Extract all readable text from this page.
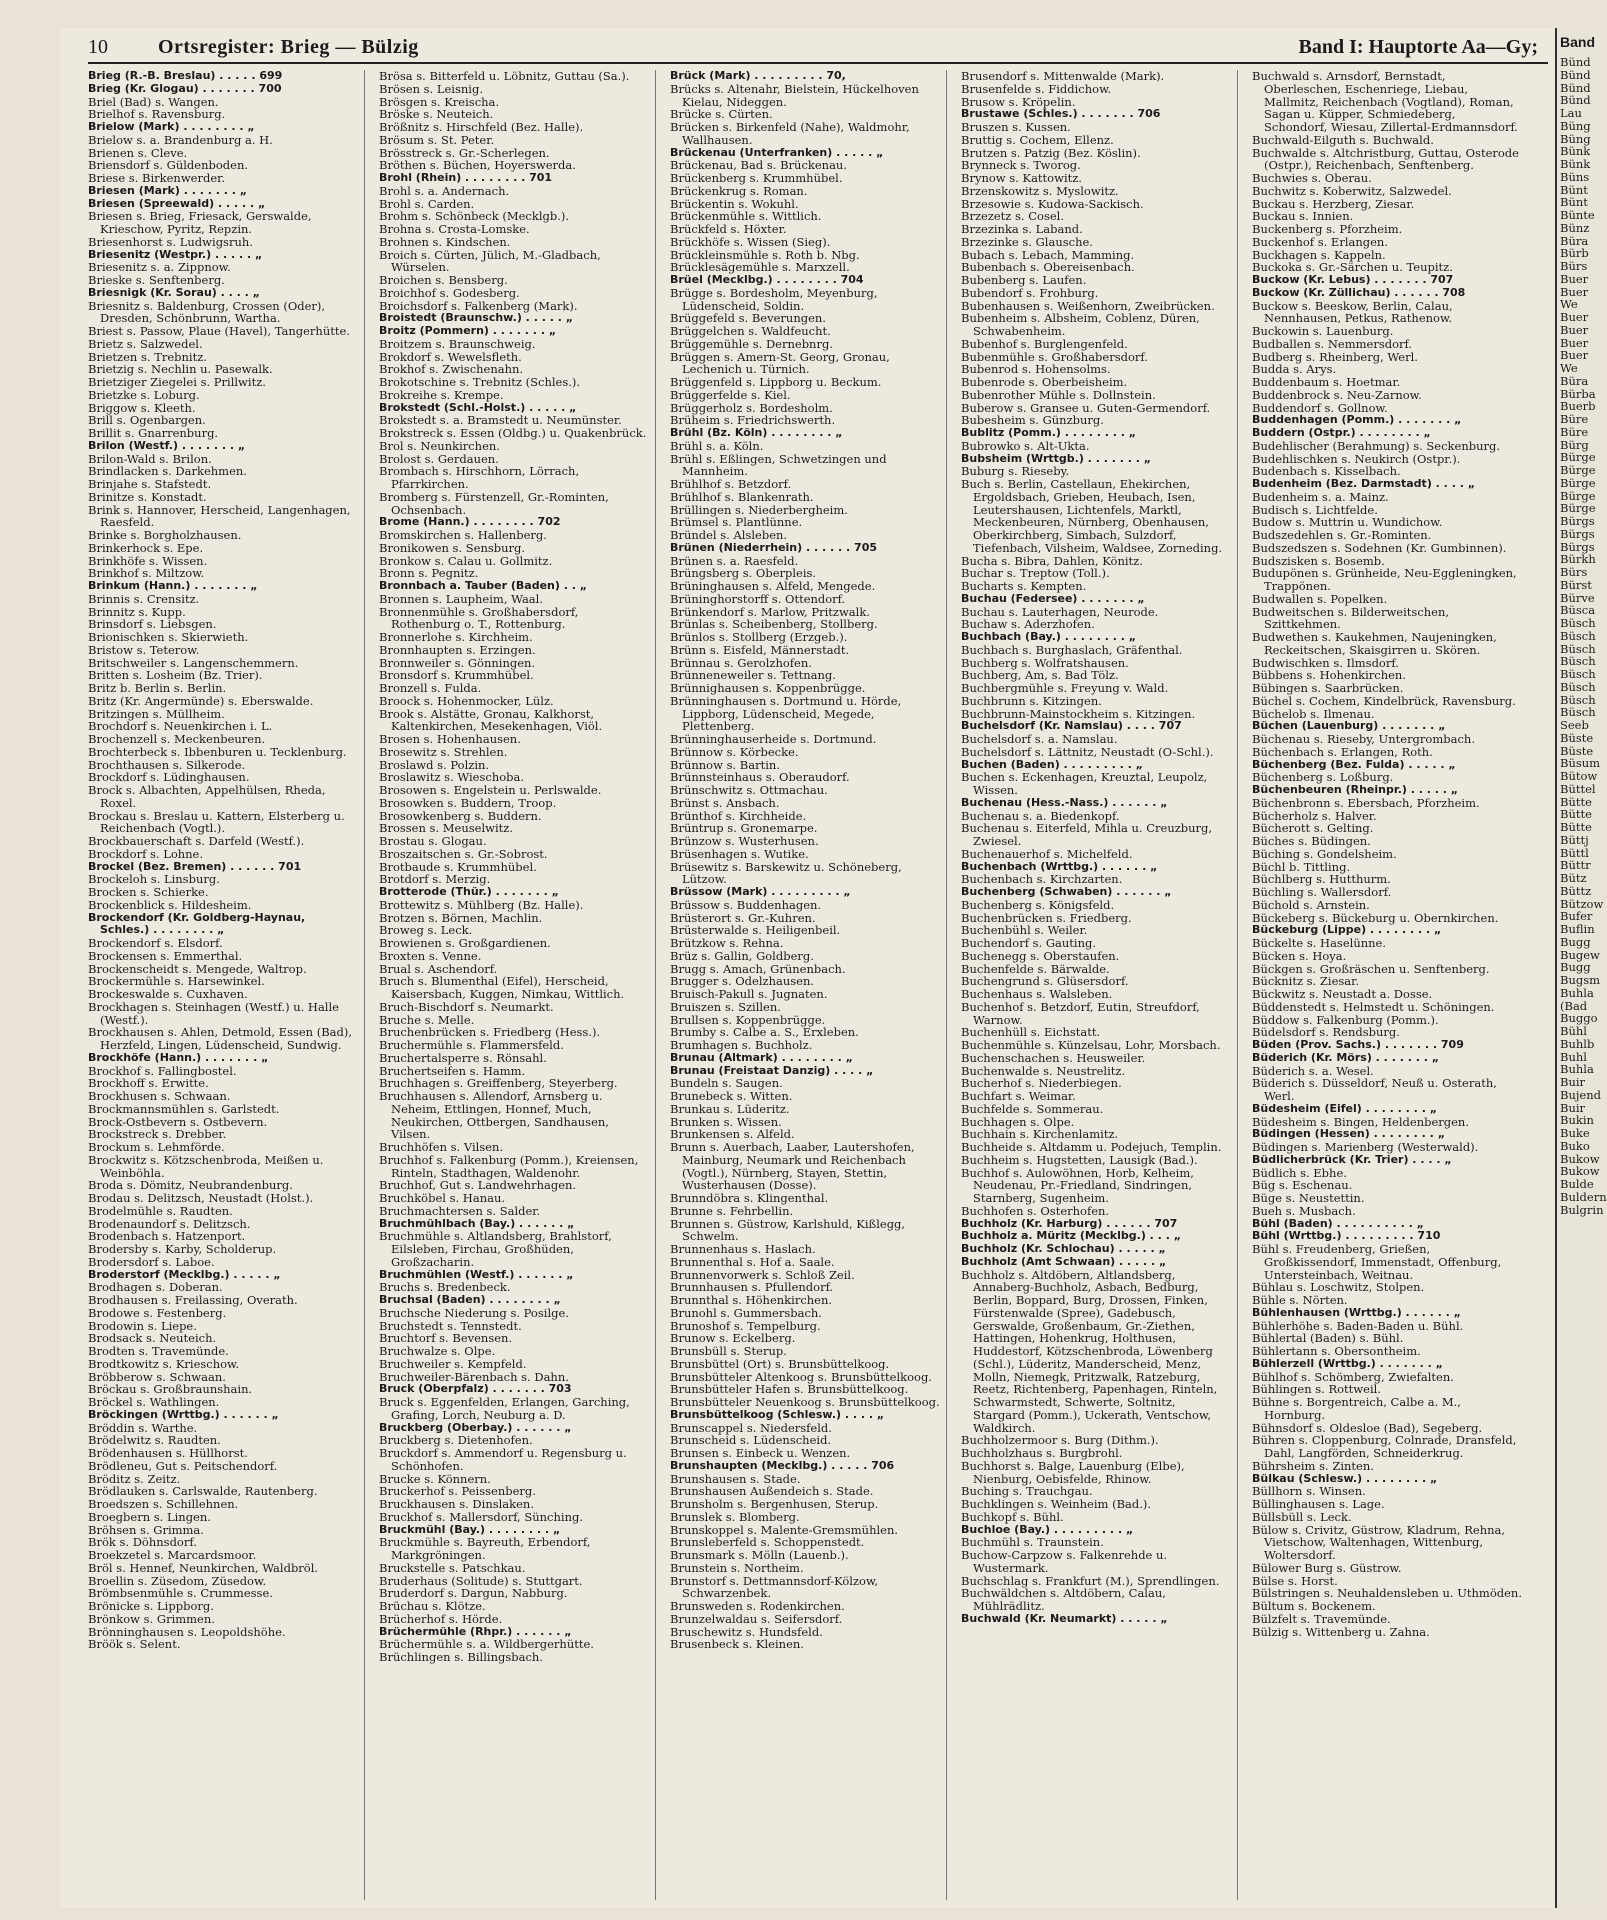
10	Ortsregister: Brieg — Bülzig	Band I: Hauptorte Aa—Gy;
Brieg (R.-B. Breslau) . . . . . 699
Brieg (Kr. Glogau) . . . . . . . 700
Briel (Bad) s. Wangen.
Brielhof s. Ravensburg.
Brielow (Mark) . . . . . . . . „
Brielow s. a. Brandenburg a. H.
Brienen s. Cleve.
Briensdorf s. Güldenboden.
Briese s. Birkenwerder.
Briesen (Mark) . . . . . . . „
Briesen (Spreewald) . . . . . „
Briesen s. Brieg, Friesack, Gerswalde, Krieschow, Pyritz, Repzin.
Briesenhorst s. Ludwigsruh.
Briesenitz (Westpr.) . . . . . „
Briesenitz s. a. Zippnow.
Brieske s. Senftenberg.
Briesnigk (Kr. Sorau) . . . . „
Briesnitz s. Baldenburg, Crossen (Oder), Dresden, Schönbrunn, Wartha.
Briest s. Passow, Plaue (Havel), Tangerhütte.
Brietz s. Salzwedel.
Brietzen s. Trebnitz.
Brietzig s. Nechlin u. Pasewalk.
Brietziger Ziegelei s. Prillwitz.
Brietzke s. Loburg.
Briggow s. Kleeth.
Brill s. Ogenbargen.
Brillit s. Gnarrenburg.
Brilon (Westf.) . . . . . . . „
Brilon-Wald s. Brilon.
Brindlacken s. Darkehmen.
Brinjahe s. Stafstedt.
Brinitze s. Konstadt.
Brink s. Hannover, Herscheid, Langenhagen, Raesfeld.
Brinke s. Borgholzhausen.
Brinkerhock s. Epe.
Brinkhöfe s. Wissen.
Brinkhof s. Miltzow.
Brinkum (Hann.) . . . . . . . „
Brinnis s. Crensitz.
Brinnitz s. Kupp.
Brinsdorf s. Liebsgen.
Brionischken s. Skierwieth.
Bristow s. Teterow.
Britschweiler s. Langenschemmern.
Britten s. Losheim (Bz. Trier).
Britz b. Berlin s. Berlin.
Britz (Kr. Angermünde) s. Eberswalde.
Britzingen s. Müllheim.
Brochdorf s. Neuenkirchen i. L.
Brochenzell s. Meckenbeuren.
Brochterbeck s. Ibbenburen u. Tecklenburg.
Brochthausen s. Silkerode.
Brockdorf s. Lüdinghausen.
Brock s. Albachten, Appelhülsen, Rheda, Roxel.
Brockau s. Breslau u. Kattern, Elsterberg u. Reichenbach (Vogtl.).
Brockbauerschaft s. Darfeld (Westf.).
Brockdorf s. Lohne.
Brockel (Bez. Bremen) . . . . . . 701
Brockeloh s. Linsburg.
Brocken s. Schierke.
Brockenblick s. Hildesheim.
Brockendorf (Kr. Goldberg-Haynau, Schles.) . . . . . . . . „
Brockendorf s. Elsdorf.
Brockensen s. Emmerthal.
Brockenscheidt s. Mengede, Waltrop.
Brockermühle s. Harsewinkel.
Brockeswalde s. Cuxhaven.
Brockhagen s. Steinhagen (Westf.) u. Halle (Westf.).
Brockhausen s. Ahlen, Detmold, Essen (Bad), Herzfeld, Lingen, Lüdenscheid, Sundwig.
Brockhöfe (Hann.) . . . . . . . „
Brockhof s. Fallingbostel.
Brockhoff s. Erwitte.
Brockhusen s. Schwaan.
Brockmannsmühlen s. Garlstedt.
Brock-Ostbevern s. Ostbevern.
Brockstreck s. Drebber.
Brockum s. Lehmförde.
Brockwitz s. Kötzschenbroda, Meißen u. Weinböhla.
Broda s. Dömitz, Neubrandenburg.
Brodau s. Delitzsch, Neustadt (Holst.).
Brodelmühle s. Raudten.
Brodenaundorf s. Delitzsch.
Brodenbach s. Hatzenport.
Brodersby s. Karby, Scholderup.
Brodersdorf s. Laboe.
Broderstorf (Mecklbg.) . . . . . „
Brodhagen s. Doberan.
Brodhausen s. Freilassing, Overath.
Brodowe s. Festenberg.
Brodowin s. Liepe.
Brodsack s. Neuteich.
Brodten s. Travemünde.
Brodtkowitz s. Krieschow.
Bröbberow s. Schwaan.
Bröckau s. Großbraunshain.
Bröckel s. Wathlingen.
Bröckingen (Wrttbg.) . . . . . . „
Bröddin s. Warthe.
Brödelwitz s. Raudten.
Brödenhausen s. Hüllhorst.
Brödleneu, Gut s. Peitschendorf.
Bröditz s. Zeitz.
Brödlauken s. Carlswalde, Rautenberg.
Broedszen s. Schillehnen.
Broegbern s. Lingen.
Bröhsen s. Grimma.
Brök s. Döhnsdorf.
Broekzetel s. Marcardsmoor.
Bröl s. Hennef, Neunkirchen, Waldbröl.
Broellin s. Züsedom, Züsedow.
Brömbsenmühle s. Crummesse.
Brönicke s. Lippborg.
Brönkow s. Grimmen.
Brönninghausen s. Leopoldshöhe.
Bröök s. Selent.
Brösa s. Bitterfeld u. Löbnitz, Guttau (Sa.).
Brösen s. Leisnig.
Brösgen s. Kreischa.
Bröske s. Neuteich.
Brößnitz s. Hirschfeld (Bez. Halle).
Brösum s. St. Peter.
Brösstreck s. Gr.-Scherlegen.
Bröthen s. Büchen, Hoyerswerda.
Brohl (Rhein) . . . . . . . . 701
Brohl s. a. Andernach.
Brohl s. Carden.
Brohm s. Schönbeck (Mecklgb.).
Brohna s. Crosta-Lomske.
Brohnen s. Kindschen.
Broich s. Cürten, Jülich, M.-Gladbach, Würselen.
Broichen s. Bensberg.
Broichhof s. Godesberg.
Broichsdorf s. Falkenberg (Mark).
Broistedt (Braunschw.) . . . . . „
Broitz (Pommern) . . . . . . . „
Broitzem s. Braunschweig.
Brokdorf s. Wewelsfleth.
Brokhof s. Zwischenahn.
Brokotschine s. Trebnitz (Schles.).
Brokreihe s. Krempe.
Brokstedt (Schl.-Holst.) . . . . . „
Brokstedt s. a. Bramstedt u. Neumünster.
Brokstreck s. Essen (Oldbg.) u. Quakenbrück.
Brol s. Neunkirchen.
Brolost s. Gerdauen.
Brombach s. Hirschhorn, Lörrach, Pfarrkirchen.
Bromberg s. Fürstenzell, Gr.-Rominten, Ochsenbach.
Brome (Hann.) . . . . . . . . 702
Bromskirchen s. Hallenberg.
Bronikowen s. Sensburg.
Bronkow s. Calau u. Gollmitz.
Bronn s. Pegnitz.
Bronnbach a. Tauber (Baden) . . „
Bronnen s. Laupheim, Waal.
Bronnenmühle s. Großhabersdorf, Rothenburg o. T., Rottenburg.
Bronnerlohe s. Kirchheim.
Bronnhaupten s. Erzingen.
Bronnweiler s. Gönningen.
Bronsdorf s. Krummhübel.
Bronzell s. Fulda.
Broock s. Hohenmocker, Lülz.
Brook s. Alstätte, Gronau, Kalkhorst, Kaltenkirchen, Mesekenhagen, Viöl.
Brosen s. Hohenhausen.
Brosewitz s. Strehlen.
Broslawd s. Polzin.
Broslawitz s. Wieschoba.
Brosowen s. Engelstein u. Perlswalde.
Brosowken s. Buddern, Troop.
Brosowkenberg s. Buddern.
Brossen s. Meuselwitz.
Brostau s. Glogau.
Broszaitschen s. Gr.-Sobrost.
Brotbaude s. Krummhübel.
Brotdorf s. Merzig.
Brotterode (Thür.) . . . . . . . „
Brottewitz s. Mühlberg (Bz. Halle).
Brotzen s. Börnen, Machlin.
Broweg s. Leck.
Browienen s. Großgardienen.
Broxten s. Venne.
Brual s. Aschendorf.
Bruch s. Blumenthal (Eifel), Herscheid, Kaisersbach, Kuggen, Nimkau, Wittlich.
Bruch-Bischdorf s. Neumarkt.
Bruche s. Melle.
Bruchenbrücken s. Friedberg (Hess.).
Bruchermühle s. Flammersfeld.
Bruchertalsperre s. Rönsahl.
Bruchertseifen s. Hamm.
Bruchhagen s. Greiffenberg, Steyerberg.
Bruchhausen s. Allendorf, Arnsberg u. Neheim, Ettlingen, Honnef, Much, Neukirchen, Ottbergen, Sandhausen, Vilsen.
Bruchhöfen s. Vilsen.
Bruchhof s. Falkenburg (Pomm.), Kreiensen, Rinteln, Stadthagen, Waldenohr.
Bruchhof, Gut s. Landwehrhagen.
Bruchköbel s. Hanau.
Bruchmachtersen s. Salder.
Bruchmühlbach (Bay.) . . . . . . „
Bruchmühle s. Altlandsberg, Brahlstorf, Eilsleben, Firchau, Großhüden, Großzacharin.
Bruchmühlen (Westf.) . . . . . . „
Bruchs s. Bredenbeck.
Bruchsal (Baden) . . . . . . . . „
Bruchsche Niederung s. Posilge.
Bruchstedt s. Tennstedt.
Bruchtorf s. Bevensen.
Bruchwalze s. Olpe.
Bruchweiler s. Kempfeld.
Bruchweiler-Bärenbach s. Dahn.
Bruck (Oberpfalz) . . . . . . . 703
Bruck s. Eggenfelden, Erlangen, Garching, Grafing, Lorch, Neuburg a. D.
Bruckberg (Oberbay.) . . . . . . „
Bruckberg s. Dietenhofen.
Bruckdorf s. Ammendorf u. Regensburg u. Schönhofen.
Brucke s. Könnern.
Bruckerhof s. Peissenberg.
Bruckhausen s. Dinslaken.
Bruckhof s. Mallersdorf, Sünching.
Bruckmühl (Bay.) . . . . . . . . „
Bruckmühle s. Bayreuth, Erbendorf, Markgröningen.
Bruckstelle s. Patschkau.
Bruderhaus (Solitude) s. Stuttgart.
Bruderdorf s. Dargun, Nabburg.
Brüchau s. Klötze.
Brücherhof s. Hörde.
Brüchermühle (Rhpr.) . . . . . . „
Brüchermühle s. a. Wildbergerhütte.
Brüchlingen s. Billingsbach.
Brück (Mark) . . . . . . . . . 70,
Brücks s. Altenahr, Bielstein, Hückelhoven Kielau, Nideggen.
Brücke s. Cürten.
Brücken s. Birkenfeld (Nahe), Waldmohr, Wallhausen.
Brückenau (Unterfranken) . . . . . „
Brückenau, Bad s. Brückenau.
Brückenberg s. Krummhübel.
Brückenkrug s. Roman.
Brückentin s. Wokuhl.
Brückenmühle s. Wittlich.
Brückfeld s. Höxter.
Brückhöfe s. Wissen (Sieg).
Brückleinsmühle s. Roth b. Nbg.
Brücklesägemühle s. Marxzell.
Brüel (Mecklbg.) . . . . . . . . 704
Brügge s. Bordesholm, Meyenburg, Lüdenscheid, Soldin.
Brüggefeld s. Beverungen.
Brüggelchen s. Waldfeucht.
Brüggemühle s. Dernebnrg.
Brüggen s. Amern-St. Georg, Gronau, Lechenich u. Türnich.
Brüggenfeld s. Lippborg u. Beckum.
Brüggerfelde s. Kiel.
Brüggerholz s. Bordesholm.
Brüheim s. Friedrichswerth.
Brühl (Bz. Köln) . . . . . . . . „
Brühl s. a. Köln.
Brühl s. Eßlingen, Schwetzingen und Mannheim.
Brühlhof s. Betzdorf.
Brühlhof s. Blankenrath.
Brüllingen s. Niederbergheim.
Brümsel s. Plantlünne.
Bründel s. Alsleben.
Brünen (Niederrhein) . . . . . . 705
Brünen s. a. Raesfeld.
Brüngsberg s. Oberpleis.
Brüninghausen s. Alfeld, Mengede.
Brüninghorstorff s. Ottendorf.
Brünkendorf s. Marlow, Pritzwalk.
Brünlas s. Scheibenberg, Stollberg.
Brünlos s. Stollberg (Erzgeb.).
Brünn s. Eisfeld, Männerstadt.
Brünnau s. Gerolzhofen.
Brünneneweiler s. Tettnang.
Brünnighausen s. Koppenbrügge.
Brünninghausen s. Dortmund u. Hörde, Lippborg, Lüdenscheid, Megede, Plettenberg.
Brünninghauserheide s. Dortmund.
Brünnow s. Körbecke.
Brünnow s. Bartin.
Brünnsteinhaus s. Oberaudorf.
Brünschwitz s. Ottmachau.
Brünst s. Ansbach.
Brünthof s. Kirchheide.
Brüntrup s. Gronemarpe.
Brünzow s. Wusterhusen.
Brüsenhagen s. Wutike.
Brüsewitz s. Barskewitz u. Schöneberg, Lützow.
Brüssow (Mark) . . . . . . . . . „
Brüssow s. Buddenhagen.
Brüsterort s. Gr.-Kuhren.
Brüsterwalde s. Heiligenbeil.
Brützkow s. Rehna.
Brüz s. Gallin, Goldberg.
Brugg s. Amach, Grünenbach.
Brugger s. Odelzhausen.
Bruisch-Pakull s. Jugnaten.
Bruiszen s. Szillen.
Brullsen s. Koppenbrügge.
Brumby s. Calbe a. S., Erxleben.
Brumhagen s. Buchholz.
Brunau (Altmark) . . . . . . . . „
Brunau (Freistaat Danzig) . . . . „
Bundeln s. Saugen.
Brunebeck s. Witten.
Brunkau s. Lüderitz.
Brunken s. Wissen.
Brunkensen s. Alfeld.
Brunn s. Auerbach, Laaber, Lautershofen, Mainburg, Neumark und Reichenbach (Vogtl.), Nürnberg, Stayen, Stettin, Wusterhausen (Dosse).
Brunndöbra s. Klingenthal.
Brunne s. Fehrbellin.
Brunnen s. Güstrow, Karlshuld, Kißlegg, Schwelm.
Brunnenhaus s. Haslach.
Brunnenthal s. Hof a. Saale.
Brunnenvorwerk s. Schloß Zeil.
Brunnhausen s. Pfullendorf.
Brunnthal s. Höhenkirchen.
Brunohl s. Gummersbach.
Brunoshof s. Tempelburg.
Brunow s. Eckelberg.
Brunsbüll s. Sterup.
Brunsbüttel (Ort) s. Brunsbüttelkoog.
Brunsbütteler Altenkoog s. Brunsbüttelkoog.
Brunsbütteler Hafen s. Brunsbüttelkoog.
Brunsbütteler Neuenkoog s. Brunsbüttelkoog.
Brunsbüttelkoog (Schlesw.) . . . . „
Brunscappel s. Niedersfeld.
Brunscheid s. Lüdenscheid.
Brunsen s. Einbeck u. Wenzen.
Brunshaupten (Mecklbg.) . . . . . 706
Brunshausen s. Stade.
Brunshausen Außendeich s. Stade.
Brunsholm s. Bergenhusen, Sterup.
Brunslek s. Blomberg.
Brunskoppel s. Malente-Gremsmühlen.
Brunsleberfeld s. Schoppenstedt.
Brunsmark s. Mölln (Lauenb.).
Brunstein s. Northeim.
Brunstorf s. Dettmannsdorf-Kölzow, Schwarzenbek.
Brunsweden s. Rodenkirchen.
Brunzelwaldau s. Seifersdorf.
Bruschewitz s. Hundsfeld.
Brusenbeck s. Kleinen.
Brusendorf s. Mittenwalde (Mark).
Brusenfelde s. Fiddichow.
Brusow s. Kröpelin.
Brustawe (Schles.) . . . . . . . 706
Bruszen s. Kussen.
Bruttig s. Cochem, Ellenz.
Brutzen s. Patzig (Bez. Köslin).
Brynneck s. Tworog.
Brynow s. Kattowitz.
Brzenskowitz s. Myslowitz.
Brzesowie s. Kudowa-Sackisch.
Brzezetz s. Cosel.
Brzezinka s. Laband.
Brzezinke s. Glausche.
Bubach s. Lebach, Mamming.
Bubenbach s. Obereisenbach.
Bubenberg s. Laufen.
Bubendorf s. Frohburg.
Bubenhausen s. Weißenhorn, Zweibrücken.
Bubenheim s. Albsheim, Coblenz, Düren, Schwabenheim.
Bubenhof s. Burglengenfeld.
Bubenmühle s. Großhabersdorf.
Bubenrod s. Hohensolms.
Bubenrode s. Oberbeisheim.
Bubenrother Mühle s. Dollnstein.
Buberow s. Gransee u. Guten-Germendorf.
Bubesheim s. Günzburg.
Bublitz (Pomm.) . . . . . . . . „
Bubrowko s. Alt-Ukta.
Bubsheim (Wrttgb.) . . . . . . . „
Buburg s. Rieseby.
Buch s. Berlin, Castellaun, Ehekirchen, Ergoldsbach, Grieben, Heubach, Isen, Leutershausen, Lichtenfels, Marktl, Meckenbeuren, Nürnberg, Obenhausen, Oberkirchberg, Simbach, Sulzdorf, Tiefenbach, Vilsheim, Waldsee, Zorneding.
Bucha s. Bibra, Dahlen, Könitz.
Buchar s. Treptow (Toll.).
Bucharts s. Kempten.
Buchau (Federsee) . . . . . . . „
Buchau s. Lauterhagen, Neurode.
Buchaw s. Aderzhofen.
Buchbach (Bay.) . . . . . . . . „
Buchbach s. Burghaslach, Gräfenthal.
Buchberg s. Wolfratshausen.
Buchberg, Am, s. Bad Tölz.
Buchbergmühle s. Freyung v. Wald.
Buchbrunn s. Kitzingen.
Buchbrunn-Mainstockheim s. Kitzingen.
Buchelsdorf (Kr. Namslau) . . . . 707
Buchelsdorf s. a. Namslau.
Buchelsdorf s. Lättnitz, Neustadt (O-Schl.).
Buchen (Baden) . . . . . . . . . „
Buchen s. Eckenhagen, Kreuztal, Leupolz, Wissen.
Buchenau (Hess.-Nass.) . . . . . . „
Buchenau s. a. Biedenkopf.
Buchenau s. Eiterfeld, Mihla u. Creuzburg, Zwiesel.
Buchenauerhof s. Michelfeld.
Buchenbach (Wrttbg.) . . . . . . „
Buchenbach s. Kirchzarten.
Buchenberg (Schwaben) . . . . . . „
Buchenberg s. Königsfeld.
Buchenbrücken s. Friedberg.
Buchenbühl s. Weiler.
Buchendorf s. Gauting.
Buchenegg s. Oberstaufen.
Buchenfelde s. Bärwalde.
Buchengrund s. Glüsersdorf.
Buchenhaus s. Walsleben.
Buchenhof s. Betzdorf, Eutin, Streufdorf, Warnow.
Buchenhüll s. Eichstatt.
Buchenmühle s. Künzelsau, Lohr, Morsbach.
Buchenschachen s. Heusweiler.
Buchenwalde s. Neustrelitz.
Bucherhof s. Niederbiegen.
Buchfart s. Weimar.
Buchfelde s. Sommerau.
Buchhagen s. Olpe.
Buchhain s. Kirchenlamitz.
Buchheide s. Altdamm u. Podejuch, Templin.
Buchheim s. Hugstetten, Lausigk (Bad.).
Buchhof s. Aulowöhnen, Horb, Kelheim, Neudenau, Pr.-Friedland, Sindringen, Starnberg, Sugenheim.
Buchhofen s. Osterhofen.
Buchholz (Kr. Harburg) . . . . . . 707
Buchholz a. Müritz (Mecklbg.) . . . „
Buchholz (Kr. Schlochau) . . . . . „
Buchholz (Amt Schwaan) . . . . . „
Buchholz s. Altdöbern, Altlandsberg, Annaberg-Buchholz, Asbach, Bedburg, Berlin, Boppard, Burg, Drossen, Finken, Fürstenwalde (Spree), Gadebusch, Gerswalde, Großenbaum, Gr.-Ziethen, Hattingen, Hohenkrug, Holthusen, Huddestorf, Kötzschenbroda, Löwenberg (Schl.), Lüderitz, Manderscheid, Menz, Molln, Niemegk, Pritzwalk, Ratzeburg, Reetz, Richtenberg, Papenhagen, Rinteln, Schwarmstedt, Schwerte, Soltnitz, Stargard (Pomm.), Uckerath, Ventschow, Waldkirch.
Buchholzermoor s. Burg (Dithm.).
Buchholzhaus s. Burgbrohl.
Buchhorst s. Balge, Lauenburg (Elbe), Nienburg, Oebisfelde, Rhinow.
Buching s. Trauchgau.
Buchklingen s. Weinheim (Bad.).
Buchkopf s. Bühl.
Buchloe (Bay.) . . . . . . . . . „
Buchmühl s. Traunstein.
Buchow-Carpzow s. Falkenrehde u. Wustermark.
Buchschlag s. Frankfurt (M.), Sprendlingen.
Buchwäldchen s. Altdöbern, Calau, Mühlrädlitz.
Buchwald (Kr. Neumarkt) . . . . . „
Buchwald s. Arnsdorf, Bernstadt, Oberleschen, Eschenriege, Liebau, Mallmitz, Reichenbach (Vogtland), Roman, Sagan u. Küpper, Schmiedeberg, Schondorf, Wiesau, Zillertal-Erdmannsdorf.
Buchwald-Eilguth s. Buchwald.
Buchwalde s. Altchristburg, Guttau, Osterode (Ostpr.), Reichenbach, Senftenberg.
Buchwies s. Oberau.
Buchwitz s. Koberwitz, Salzwedel.
Buckau s. Herzberg, Ziesar.
Buckau s. Innien.
Buckenberg s. Pforzheim.
Buckenhof s. Erlangen.
Buckhagen s. Kappeln.
Buckoka s. Gr.-Särchen u. Teupitz.
Buckow (Kr. Lebus) . . . . . . . 707
Buckow (Kr. Züllichau) . . . . . . 708
Buckow s. Beeskow, Berlin, Calau, Nennhausen, Petkus, Rathenow.
Buckowin s. Lauenburg.
Budballen s. Nemmersdorf.
Budberg s. Rheinberg, Werl.
Budda s. Arys.
Buddenbaum s. Hoetmar.
Buddenbrock s. Neu-Zarnow.
Buddendorf s. Gollnow.
Buddenhagen (Pomm.) . . . . . . . „
Buddern (Ostpr.) . . . . . . . . „
Budehlischer (Berahmung) s. Seckenburg.
Budehlischken s. Neukirch (Ostpr.).
Budenbach s. Kisselbach.
Budenheim (Bez. Darmstadt) . . . . „
Budenheim s. a. Mainz.
Budisch s. Lichtfelde.
Budow s. Muttrin u. Wundichow.
Budszedehlen s. Gr.-Rominten.
Budszedszen s. Sodehnen (Kr. Gumbinnen).
Budszisken s. Bosemb.
Budupönen s. Grünheide, Neu-Eggleningken, Trappönen.
Budwallen s. Popelken.
Budweitschen s. Bilderweitschen, Szittkehmen.
Budwethen s. Kaukehmen, Naujeningken, Reckeitschen, Skaisgirren u. Skören.
Budwischken s. Ilmsdorf.
Bübbens s. Hohenkirchen.
Bübingen s. Saarbrücken.
Büchel s. Cochem, Kindelbrück, Ravensburg.
Büchelob s. Ilmenau.
Büchen (Lauenburg) . . . . . . . „
Büchenau s. Rieseby, Untergrombach.
Büchenbach s. Erlangen, Roth.
Büchenberg (Bez. Fulda) . . . . . „
Büchenberg s. Loßburg.
Büchenbeuren (Rheinpr.) . . . . . „
Büchenbronn s. Ebersbach, Pforzheim.
Bücherholz s. Halver.
Bücherott s. Gelting.
Büches s. Büdingen.
Büching s. Gondelsheim.
Büchl b. Tittling.
Büchlberg s. Hutthurm.
Büchling s. Wallersdorf.
Büchold s. Arnstein.
Bückeberg s. Bückeburg u. Obernkirchen.
Bückeburg (Lippe) . . . . . . . . „
Bückelte s. Haselünne.
Bücken s. Hoya.
Bückgen s. Großräschen u. Senftenberg.
Bücknitz s. Ziesar.
Bückwitz s. Neustadt a. Dosse.
Büddenstedt s. Helmstedt u. Schöningen.
Büddow s. Falkenburg (Pomm.).
Büdelsdorf s. Rendsburg.
Büden (Prov. Sachs.) . . . . . . . 709
Büderich (Kr. Mörs) . . . . . . . „
Büderich s. a. Wesel.
Büderich s. Düsseldorf, Neuß u. Osterath, Werl.
Büdesheim (Eifel) . . . . . . . . „
Büdesheim s. Bingen, Heldenbergen.
Büdingen (Hessen) . . . . . . . . „
Büdingen s. Marienberg (Westerwald).
Büdlicherbrück (Kr. Trier) . . . . „
Büdlich s. Ebhe.
Büg s. Eschenau.
Büge s. Neustettin.
Bueh s. Musbach.
Bühl (Baden) . . . . . . . . . . „
Bühl (Wrttbg.) . . . . . . . . . 710
Bühl s. Freudenberg, Grießen, Großkissendorf, Immenstadt, Offenburg, Untersteinbach, Weitnau.
Bühlau s. Loschwitz, Stolpen.
Bühle s. Nörten.
Bühlenhausen (Wrttbg.) . . . . . . „
Bühlerhöhe s. Baden-Baden u. Bühl.
Bühlertal (Baden) s. Bühl.
Bühlertann s. Obersontheim.
Bühlerzell (Wrttbg.) . . . . . . . „
Bühlhof s. Schömberg, Zwiefalten.
Bühlingen s. Rottweil.
Bühne s. Borgentreich, Calbe a. M., Hornburg.
Bühnsdorf s. Oldesloe (Bad), Segeberg.
Bühren s. Cloppenburg, Colnrade, Dransfeld, Dahl, Langförden, Schneiderkrug.
Bührsheim s. Zinten.
Bülkau (Schlesw.) . . . . . . . . „
Büllhorn s. Winsen.
Büllinghausen s. Lage.
Büllsbüll s. Leck.
Bülow s. Crivitz, Güstrow, Kladrum, Rehna, Vietschow, Waltenhagen, Wittenburg, Woltersdorf.
Bülower Burg s. Güstrow.
Bülse s. Horst.
Bülstringen s. Neuhaldensleben u. Uthmöden.
Bültum s. Bockenem.
Bülzfelt s. Travemünde.
Bülzig s. Wittenberg u. Zahna.
Band
Bünd
Bünd
Bünd
Bünd
Lau
Büng
Büng
Bünk
Bünk
Büns
Bünt
Bünt
Bünte
Bünz
Büra
Bürb
Bürs
Buer
Buer
We
Buer
Buer
Buer
Buer
We
Büra
Bürba
Buerb
Büre
Büre
Bürg
Bürge
Bürge
Bürge
Bürge
Bürge
Bürgs
Bürgs
Bürgs
Bürkh
Bürs
Bürst
Bürve
Büsca
Büsch
Büsch
Büsch
Büsch
Büsch
Büsch
Büsch
Büsch
Seeb
Büste
Büste
Büsum
Bütow
Büttel
Bütte
Bütte
Bütte
Büttj
Büttl
Büttr
Bütz
Büttz
Bützow
Bufer
Buflin
Bugg
Bugew
Bugg
Bugsm
Buhla
(Bad
Buggo
Bühl
Buhlb
Buhl
Buhla
Buir
Bujend
Buir
Bukin
Buke
Buko
Bukow
Bukow
Bulde
Buldern
Bulgrin
